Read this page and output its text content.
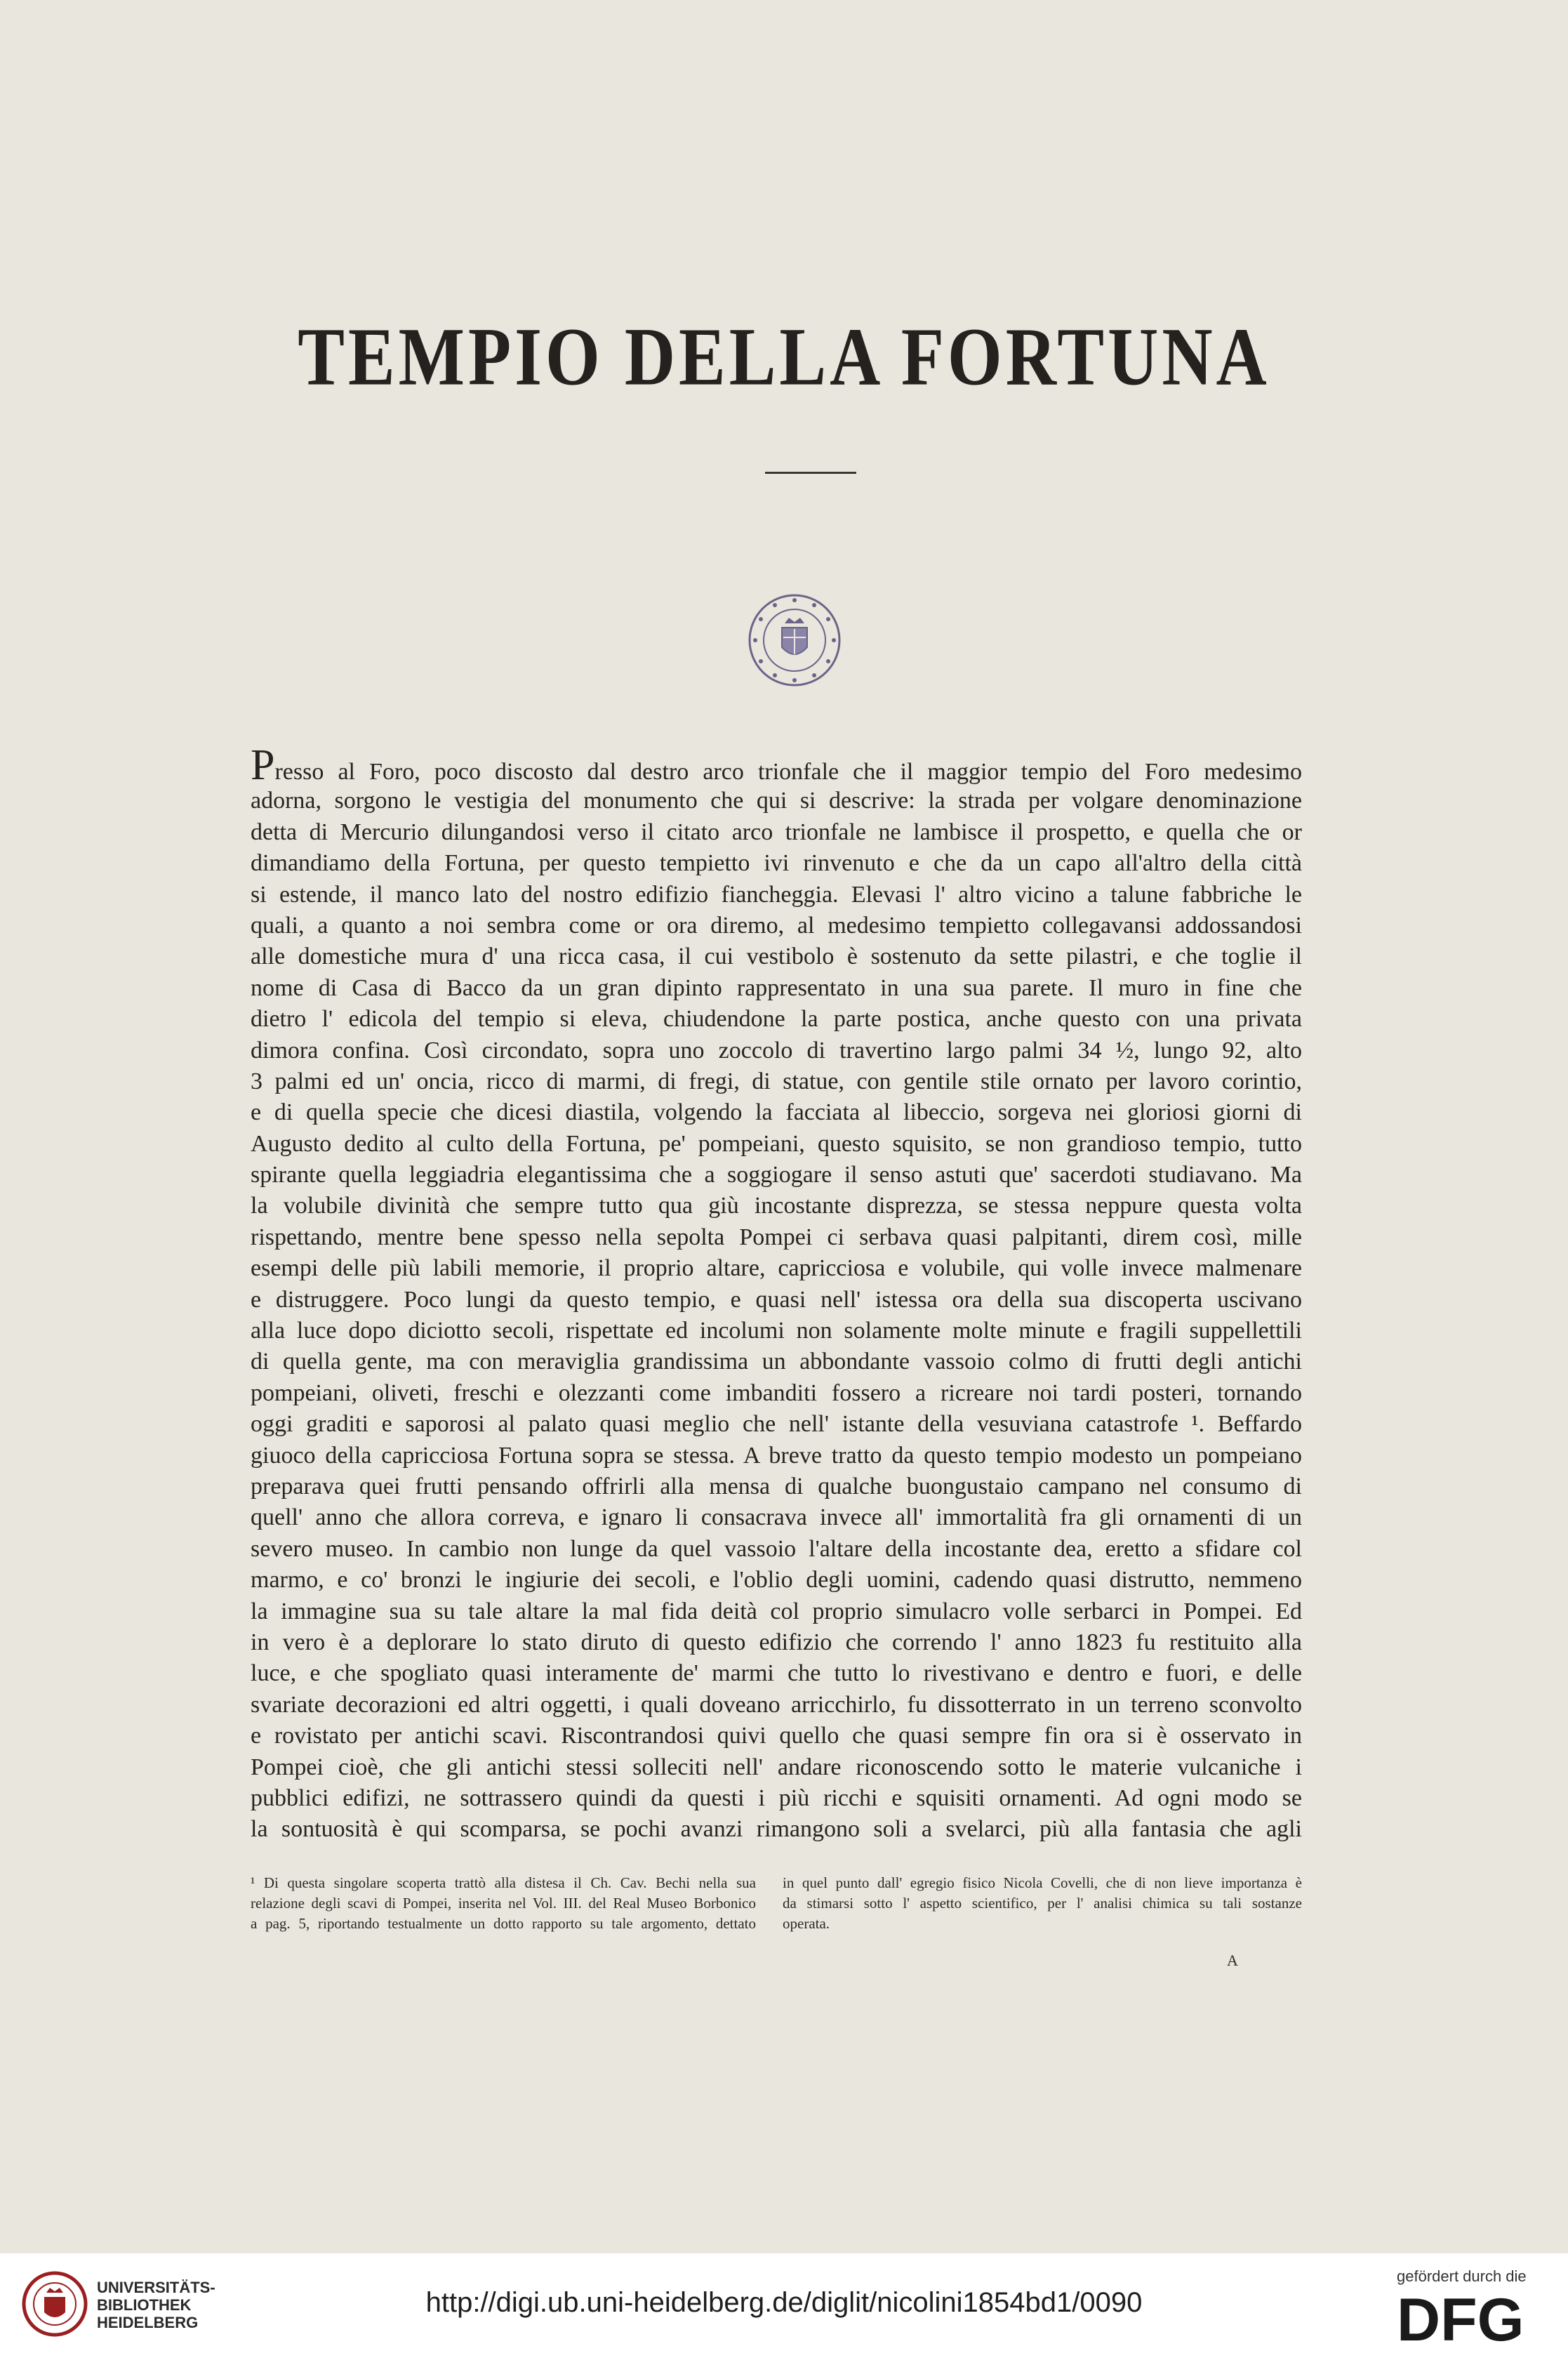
TEMPIO DELLA FORTUNA
Presso al Foro, poco discosto dal destro arco trionfale che il maggior tempio del Foro medesimo
adorna, sorgono le vestigia del monumento che qui si descrive: la strada per volgare denominazione
detta di Mercurio dilungandosi verso il citato arco trionfale ne lambisce il prospetto, e quella che or
dimandiamo della Fortuna, per questo tempietto ivi rinvenuto e che da un capo all'altro della città
si estende, il manco lato del nostro edifizio fiancheggia. Elevasi l' altro vicino a talune fabbriche le
quali, a quanto a noi sembra come or ora diremo, al medesimo tempietto collegavansi addossandosi
alle domestiche mura d' una ricca casa, il cui vestibolo è sostenuto da sette pilastri, e che toglie il
nome di Casa di Bacco da un gran dipinto rappresentato in una sua parete. Il muro in fine che
dietro l' edicola del tempio si eleva, chiudendone la parte postica, anche questo con una privata
dimora confina. Così circondato, sopra uno zoccolo di travertino largo palmi 34 ½, lungo 92, alto
3 palmi ed un' oncia, ricco di marmi, di fregi, di statue, con gentile stile ornato per lavoro corintio,
e di quella specie che dicesi diastila, volgendo la facciata al libeccio, sorgeva nei gloriosi giorni di
Augusto dedito al culto della Fortuna, pe' pompeiani, questo squisito, se non grandioso tempio, tutto
spirante quella leggiadria elegantissima che a soggiogare il senso astuti que' sacerdoti studiavano. Ma
la volubile divinità che sempre tutto qua giù incostante disprezza, se stessa neppure questa volta
rispettando, mentre bene spesso nella sepolta Pompei ci serbava quasi palpitanti, direm così, mille
esempi delle più labili memorie, il proprio altare, capricciosa e volubile, qui volle invece malmenare
e distruggere. Poco lungi da questo tempio, e quasi nell' istessa ora della sua discoperta uscivano
alla luce dopo diciotto secoli, rispettate ed incolumi non solamente molte minute e fragili suppellettili
di quella gente, ma con meraviglia grandissima un abbondante vassoio colmo di frutti degli antichi
pompeiani, oliveti, freschi e olezzanti come imbanditi fossero a ricreare noi tardi posteri, tornando
oggi graditi e saporosi al palato quasi meglio che nell' istante della vesuviana catastrofe ¹. Beffardo
giuoco della capricciosa Fortuna sopra se stessa. A breve tratto da questo tempio modesto un pompeiano
preparava quei frutti pensando offrirli alla mensa di qualche buongustaio campano nel consumo di
quell' anno che allora correva, e ignaro li consacrava invece all' immortalità fra gli ornamenti di un
severo museo. In cambio non lunge da quel vassoio l'altare della incostante dea, eretto a sfidare col
marmo, e co' bronzi le ingiurie dei secoli, e l'oblio degli uomini, cadendo quasi distrutto, nemmeno
la immagine sua su tale altare la mal fida deità col proprio simulacro volle serbarci in Pompei. Ed
in vero è a deplorare lo stato diruto di questo edifizio che correndo l' anno 1823 fu restituito alla
luce, e che spogliato quasi interamente de' marmi che tutto lo rivestivano e dentro e fuori, e delle
svariate decorazioni ed altri oggetti, i quali doveano arricchirlo, fu dissotterrato in un terreno sconvolto
e rovistato per antichi scavi. Riscontrandosi quivi quello che quasi sempre fin ora si è osservato in
Pompei cioè, che gli antichi stessi solleciti nell' andare riconoscendo sotto le materie vulcaniche i
pubblici edifizi, ne sottrassero quindi da questi i più ricchi e squisiti ornamenti. Ad ogni modo se
la sontuosità è qui scomparsa, se pochi avanzi rimangono soli a svelarci, più alla fantasia che agli
¹ Di questa singolare scoperta trattò alla distesa il Ch. Cav. Bechi nella sua
relazione degli scavi di Pompei, inserita nel Vol. III. del Real Museo Borbonico
a pag. 5, riportando testualmente un dotto rapporto su tale argomento, dettato
in quel punto dall' egregio fisico Nicola Covelli, che di non lieve importanza è
da stimarsi sotto l' aspetto scientifico, per l' analisi chimica su tali sostanze
operata.
A
UNIVERSITÄTS-
BIBLIOTHEK
HEIDELBERG
http://digi.ub.uni-heidelberg.de/diglit/nicolini1854bd1/0090
gefördert durch die
DFG
